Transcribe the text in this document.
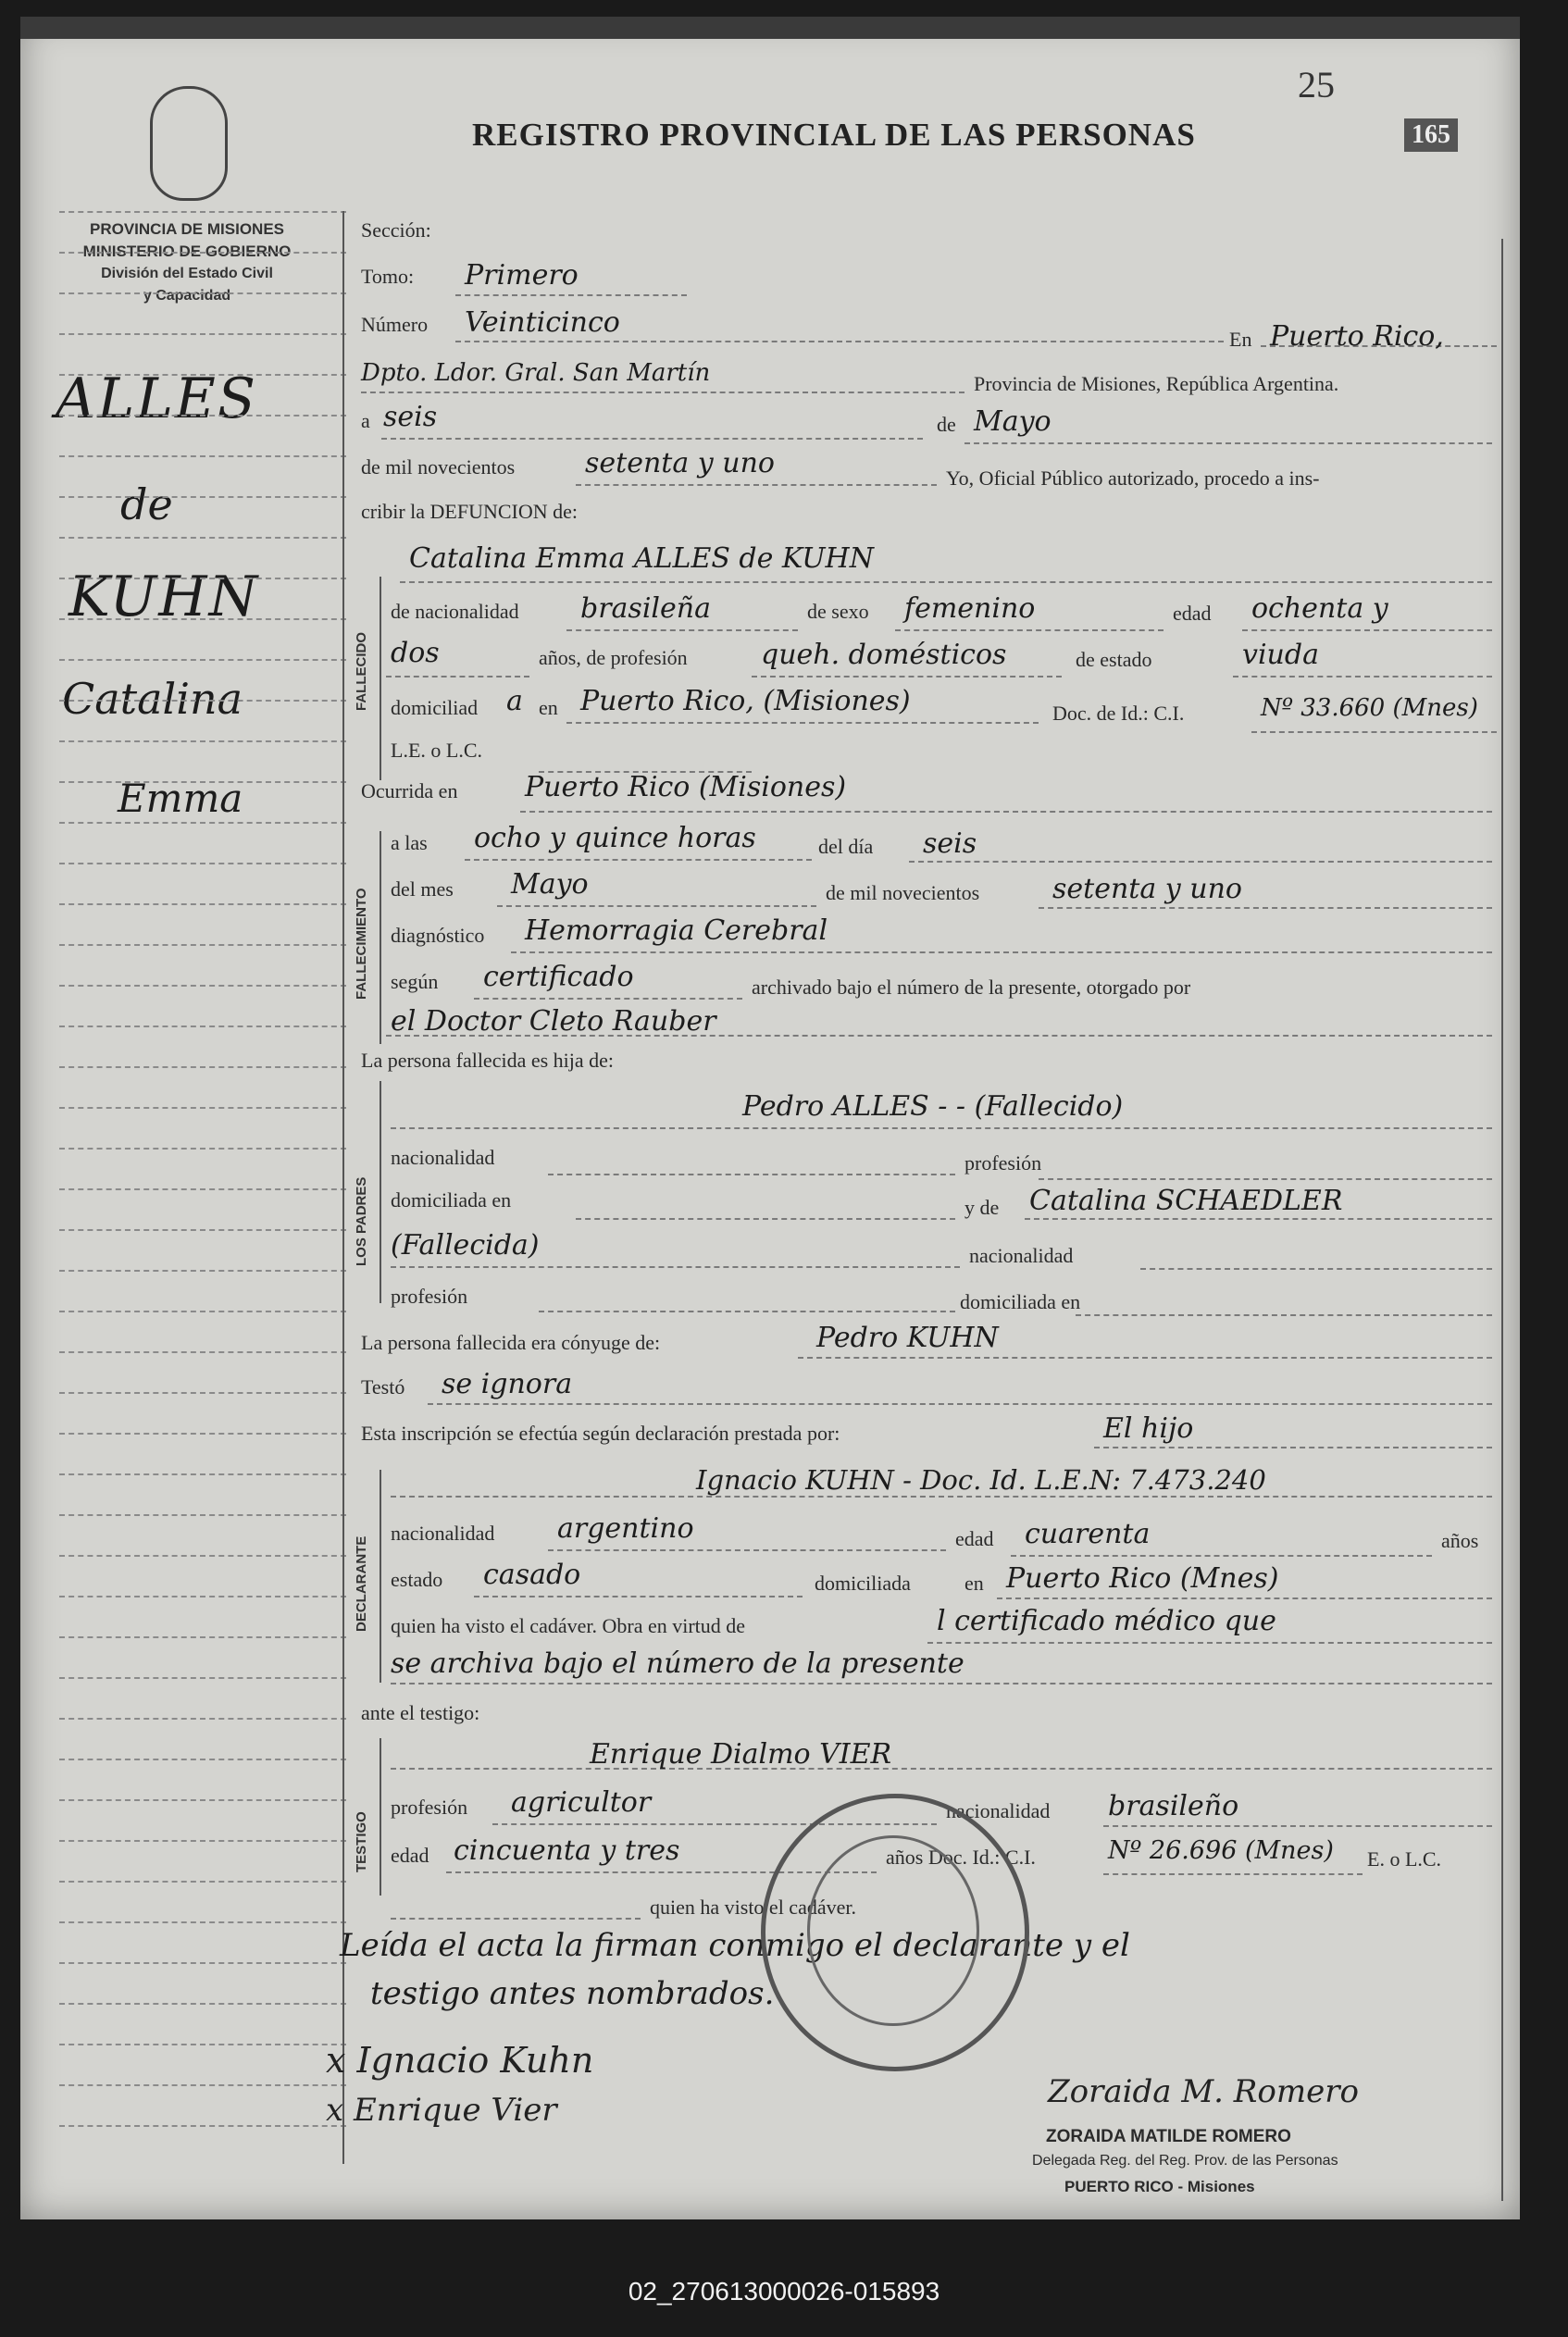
25
REGISTRO PROVINCIAL DE LAS PERSONAS	165
PROVINCIA DE MISIONES
MINISTERIO DE GOBIERNO
División del Estado Civil
y Capacidad
ALLES
de
KUHN
Catalina
Emma
FALLECIDO
FALLECIMIENTO
LOS PADRES
DECLARANTE
TESTIGO
Sección:
Tomo: Primero
Número Veinticinco
En Puerto Rico,
Dpto. Ldor. Gral. San Martín	Provincia de Misiones, República Argentina.
a seis	de Mayo
de mil novecientos	setenta y uno	Yo, Oficial Público autorizado, procedo a ins-
cribir la DEFUNCION de:
Catalina Emma ALLES de KUHN
de nacionalidad brasileña	de sexo femenino	edad ochenta y
dos	años, de profesión	queh. domésticos	de estado	viuda
domiciliad a en Puerto Rico, (Misiones)	Doc. de Id.: C.I.	Nº 33.660 (Mnes)
L.E. o L.C.
Ocurrida en Puerto Rico (Misiones)
a las ocho y quince horas	del día seis
del mes Mayo	de mil novecientos	setenta y uno
diagnóstico Hemorragia Cerebral
según certificado	archivado bajo el número de la presente, otorgado por
el Doctor Cleto Rauber
La persona fallecida es hija de:
Pedro ALLES - - (Fallecido)
nacionalidad	profesión
domiciliada en	y de Catalina SCHAEDLER
(Fallecida)	nacionalidad
profesión	domiciliada en
La persona fallecida era cónyuge de:	Pedro KUHN
Testó se ignora
Esta inscripción se efectúa según declaración prestada por:	El hijo
Ignacio KUHN - Doc. Id. L.E.N: 7.473.240
nacionalidad argentino	edad cuarenta	años
estado casado	domiciliada	en Puerto Rico (Mnes)
quien ha visto el cadáver. Obra en virtud de	l certificado médico que
se archiva bajo el número de la presente
ante el testigo:
Enrique Dialmo VIER
profesión agricultor	nacionalidad brasileño
edad cincuenta y tres	años Doc. Id.: C.I.	Nº 26.696 (Mnes) E. o L.C.
quien ha visto el cadáver.
Leída el acta la firman conmigo el declarante y el
testigo antes nombrados.
x Ignacio Kuhn
x Enrique Vier	Zoraida M. Romero
ZORAIDA MATILDE ROMERO
Delegada Reg. del Reg. Prov. de las Personas
PUERTO RICO - Misiones
02_270613000026-015893
